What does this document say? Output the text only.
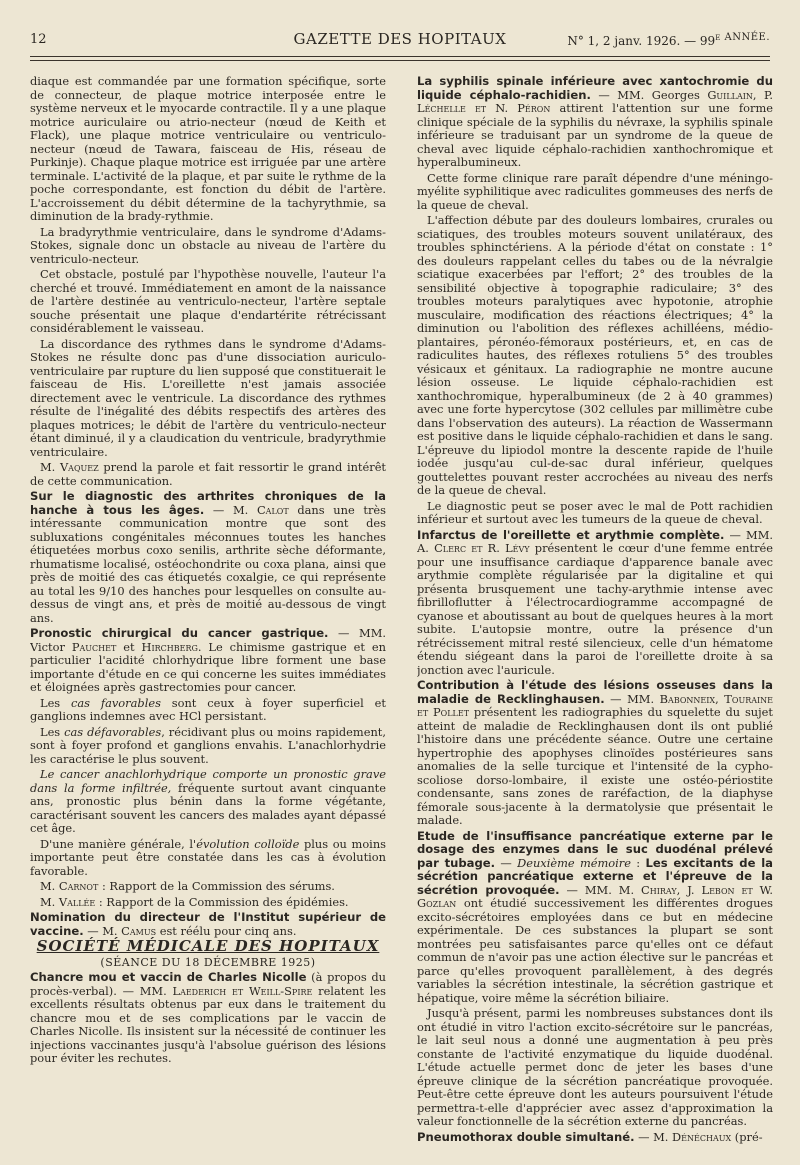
12	GAZETTE DES HOPITAUX	N° 1, 2 janv. 1926. — $99^{e ANNÉE.}$

diaque est commandée par une formation spécifique, sorte de connecteur, de plaque motrice interposée entre le système nerveux et le myocarde contractile. Il y a une plaque motrice auriculaire ou atrio-necteur (nœud de Keith et Flack), une plaque motrice ventriculaire ou ventriculo-necteur (nœud de Tawara, faisceau de His, réseau de Purkinje). Chaque plaque motrice est irriguée par une artère terminale. L'activité de la plaque, et par suite le rythme de la poche correspondante, est fonction du débit de l'artère. L'accroissement du débit détermine de la tachyrythmie, sa diminution de la brady-rythmie.

La bradyrythmie ventriculaire, dans le syndrome d'Adams-Stokes, signale donc un obstacle au niveau de l'artère du ventriculo-necteur.

Cet obstacle, postulé par l'hypothèse nouvelle, l'auteur l'a cherché et trouvé. Immédiatement en amont de la naissance de l'artère destinée au ventriculo-necteur, l'artère septale souche présentait une plaque d'endartérite rétrécissant considérablement le vaisseau.

La discordance des rythmes dans le syndrome d'Adams-Stokes ne résulte donc pas d'une dissociation auriculo-ventriculaire par rupture du lien supposé que constituerait le faisceau de His. L'oreillette n'est jamais associée directement avec le ventricule. La discordance des rythmes résulte de l'inégalité des débits respectifs des artères des plaques motrices; le débit de l'artère du ventriculo-necteur étant diminué, il y a claudication du ventricule, bradyrythmie ventriculaire.

M. Vaquez prend la parole et fait ressortir le grand intérêt de cette communication.

Sur le diagnostic des arthrites chroniques de la hanche à tous les âges. — M. Calot dans une très intéressante communication montre que sont des subluxations congénitales méconnues toutes les hanches étiquetées morbus coxo senilis, arthrite sèche déformante, rhumatisme localisé, ostéochondrite ou coxa plana, ainsi que près de moitié des cas étiquetés coxalgie, ce qui représente au total les 9/10 des hanches pour lesquelles on consulte au-dessus de vingt ans, et près de moitié au-dessous de vingt ans.

Pronostic chirurgical du cancer gastrique. — MM. Victor Pauchet et Hirchberg. Le chimisme gastrique et en particulier l'acidité chlorhydrique libre forment une base importante d'étude en ce qui concerne les suites immédiates et éloignées après gastrectomies pour cancer.

Les cas favorables sont ceux à foyer superficiel et ganglions indemnes avec HCl persistant.

Les cas défavorables, récidivant plus ou moins rapidement, sont à foyer profond et ganglions envahis. L'anachlorhydrie les caractérise le plus souvent.

Le cancer anachlorhydrique comporte un pronostic grave dans la forme infiltrée, fréquente surtout avant cinquante ans, pronostic plus bénin dans la forme végétante, caractérisant souvent les cancers des malades ayant dépassé cet âge.

D'une manière générale, l'évolution colloïde plus ou moins importante peut être constatée dans les cas à évolution favorable.

M. Carnot : Rapport de la Commission des sérums.

M. Vallée : Rapport de la Commission des épidémies.

Nomination du directeur de l'Institut supérieur de vaccine. — M. Camus est réélu pour cinq ans.

SOCIÉTÉ MÉDICALE DES HOPITAUX

(SÉANCE DU 18 DÉCEMBRE 1925)

Chancre mou et vaccin de Charles Nicolle (à propos du procès-verbal). — MM. Laederich et Weill-Spire relatent les excellents résultats obtenus par eux dans le traitement du chancre mou et de ses complications par le vaccin de Charles Nicolle. Ils insistent sur la nécessité de continuer les injections vaccinantes jusqu'à l'absolue guérison des lésions pour éviter les rechutes.

La syphilis spinale inférieure avec xantochromie du liquide céphalo-rachidien. — MM. Georges Guillain, P. Léchelle et N. Péron attirent l'attention sur une forme clinique spéciale de la syphilis du névraxe, la syphilis spinale inférieure se traduisant par un syndrome de la queue de cheval avec liquide céphalo-rachidien xanthochromique et hyperalbumineux.

Cette forme clinique rare paraît dépendre d'une méningo-myélite syphilitique avec radiculites gommeuses des nerfs de la queue de cheval.

L'affection débute par des douleurs lombaires, crurales ou sciatiques, des troubles moteurs souvent unilatéraux, des troubles sphinctériens. A la période d'état on constate : 1° des douleurs rappelant celles du tabes ou de la névralgie sciatique exacerbées par l'effort; 2° des troubles de la sensibilité objective à topographie radiculaire; 3° des troubles moteurs paralytiques avec hypotonie, atrophie musculaire, modification des réactions électriques; 4° la diminution ou l'abolition des réflexes achilléens, médio-plantaires, péronéo-fémoraux postérieurs, et, en cas de radiculites hautes, des réflexes rotuliens 5° des troubles vésicaux et génitaux. La radiographie ne montre aucune lésion osseuse. Le liquide céphalo-rachidien est xanthochromique, hyperalbumineux (de 2 à 40 grammes) avec une forte hypercytose (302 cellules par millimètre cube dans l'observation des auteurs). La réaction de Wassermann est positive dans le liquide céphalo-rachidien et dans le sang. L'épreuve du lipiodol montre la descente rapide de l'huile iodée jusqu'au cul-de-sac dural inférieur, quelques gouttelettes pouvant rester accrochées au niveau des nerfs de la queue de cheval.

Le diagnostic peut se poser avec le mal de Pott rachidien inférieur et surtout avec les tumeurs de la queue de cheval.

Infarctus de l'oreillette et arythmie complète. — MM. A. Clerc et R. Lévy présentent le cœur d'une femme entrée pour une insuffisance cardiaque d'apparence banale avec arythmie complète régularisée par la digitaline et qui présenta brusquement une tachy-arythmie intense avec fibrilloflutter à l'électrocardiogramme accompagné de cyanose et aboutissant au bout de quelques heures à la mort subite. L'autopsie montre, outre la présence d'un rétrécissement mitral resté silencieux, celle d'un hématome étendu siégeant dans la paroi de l'oreillette droite à sa jonction avec l'auricule.

Contribution à l'étude des lésions osseuses dans la maladie de Recklinghausen. — MM. Babonneix, Touraine et Pollet présentent les radiographies du squelette du sujet atteint de maladie de Recklinghausen dont ils ont publié l'histoire dans une précédente séance. Outre une certaine hypertrophie des apophyses clinoïdes postérieures sans anomalies de la selle turcique et l'intensité de la cypho-scoliose dorso-lombaire, il existe une ostéo-périostite condensante, sans zones de raréfaction, de la diaphyse fémorale sous-jacente à la dermatolysie que présentait le malade.

Etude de l'insuffisance pancréatique externe par le dosage des enzymes dans le suc duodénal prélevé par tubage. — Deuxième mémoire : Les excitants de la sécrétion pancréatique externe et l'épreuve de la sécrétion provoquée. — MM. M. Chiray, J. Lebon et W. Gozlan ont étudié successivement les différentes drogues excito-sécrétoires employées dans ce but en médecine expérimentale. De ces substances la plupart se sont montrées peu satisfaisantes parce qu'elles ont ce défaut commun de n'avoir pas une action élective sur le pancréas et parce qu'elles provoquent parallèlement, à des degrés variables la sécrétion intestinale, la sécrétion gastrique et hépatique, voire même la sécrétion biliaire.

Jusqu'à présent, parmi les nombreuses substances dont ils ont étudié in vitro l'action excito-sécrétoire sur le pancréas, le lait seul nous a donné une augmentation à peu près constante de l'activité enzymatique du liquide duodénal. L'étude actuelle permet donc de jeter les bases d'une épreuve clinique de la sécrétion pancréatique provoquée. Peut-être cette épreuve dont les auteurs poursuivent l'étude permettra-t-elle d'apprécier avec assez d'approximation la valeur fonctionnelle de la sécrétion externe du pancréas.

Pneumothorax double simultané. — M. Dénéchaux (pré-
